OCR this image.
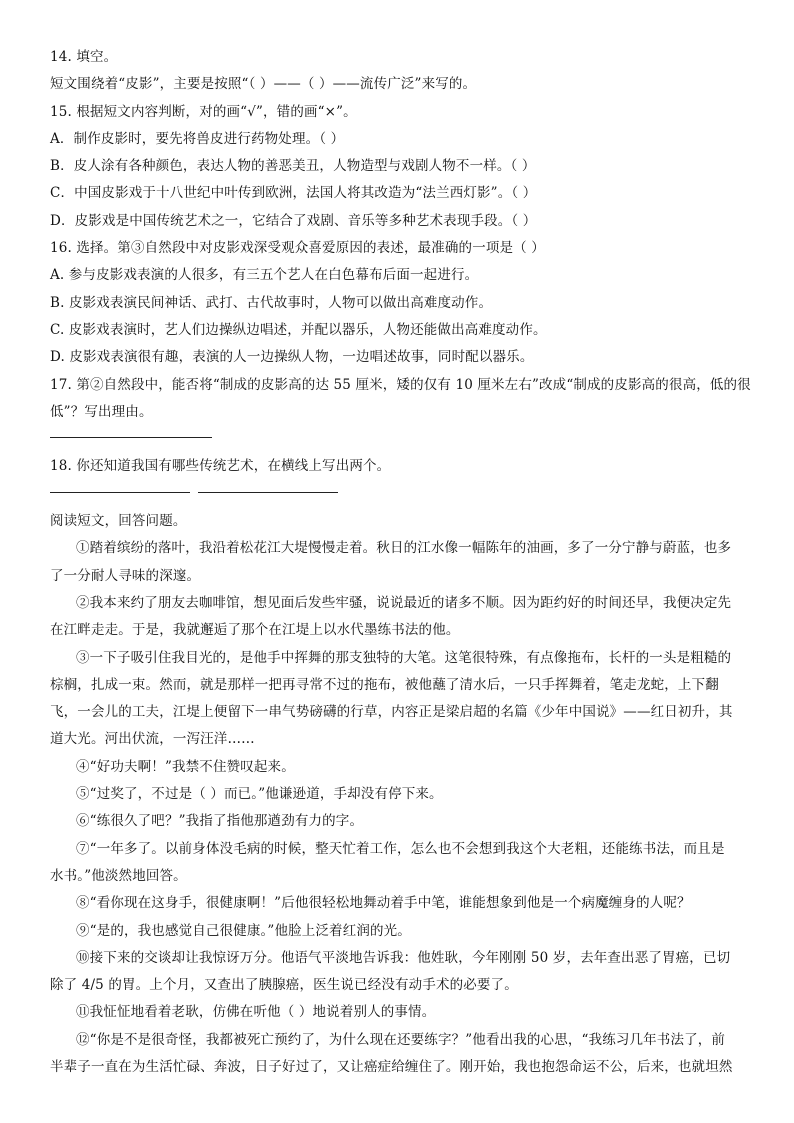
14. 填空。
短文围绕着“皮影”，主要是按照“（ ）——（ ）——流传广泛”来写的。
15. 根据短文内容判断，对的画“√”，错的画“×”。
A．制作皮影时，要先将兽皮进行药物处理。（ ）
B．皮人涂有各种颜色，表达人物的善恶美丑，人物造型与戏剧人物不一样。（ ）
C．中国皮影戏于十八世纪中叶传到欧洲，法国人将其改造为“法兰西灯影”。（ ）
D．皮影戏是中国传统艺术之一，它结合了戏剧、音乐等多种艺术表现手段。（ ）
16. 选择。第③自然段中对皮影戏深受观众喜爱原因的表述，最准确的一项是（ ）
A. 参与皮影戏表演的人很多，有三五个艺人在白色幕布后面一起进行。
B. 皮影戏表演民间神话、武打、古代故事时，人物可以做出高难度动作。
C. 皮影戏表演时，艺人们边操纵边唱述，并配以器乐，人物还能做出高难度动作。
D. 皮影戏表演很有趣，表演的人一边操纵人物，一边唱述故事，同时配以器乐。
17. 第②自然段中，能否将“制成的皮影高的达 55 厘米，矮的仅有 10 厘米左右”改成“制成的皮影高的很高，低的很
低”？写出理由。
18. 你还知道我国有哪些传统艺术，在横线上写出两个。
阅读短文，回答问题。
①踏着缤纷的落叶，我沿着松花江大堤慢慢走着。秋日的江水像一幅陈年的油画，多了一分宁静与蔚蓝，也多
了一分耐人寻味的深邃。
②我本来约了朋友去咖啡馆，想见面后发些牢骚，说说最近的诸多不顺。因为距约好的时间还早，我便决定先
在江畔走走。于是，我就邂逅了那个在江堤上以水代墨练书法的他。
③一下子吸引住我目光的，是他手中挥舞的那支独特的大笔。这笔很特殊，有点像拖布，长杆的一头是粗糙的
棕榈，扎成一束。然而，就是那样一把再寻常不过的拖布，被他蘸了清水后，一只手挥舞着，笔走龙蛇，上下翻
飞，一会儿的工夫，江堤上便留下一串气势磅礴的行草，内容正是梁启超的名篇《少年中国说》——红日初升，其
道大光。河出伏流，一泻汪洋……
④“好功夫啊！”我禁不住赞叹起来。
⑤“过奖了，不过是（ ）而已。”他谦逊道，手却没有停下来。
⑥“练很久了吧？”我指了指他那遒劲有力的字。
⑦“一年多了。以前身体没毛病的时候，整天忙着工作，怎么也不会想到我这个大老粗，还能练书法，而且是
水书。”他淡然地回答。
⑧“看你现在这身手，很健康啊！”后他很轻松地舞动着手中笔，谁能想象到他是一个病魔缠身的人呢？
⑨“是的，我也感觉自己很健康。”他脸上泛着红润的光。
⑩接下来的交谈却让我惊讶万分。他语气平淡地告诉我：他姓耿，今年刚刚 50 岁，去年查出恶了胃癌，已切
除了 4/5 的胃。上个月，又查出了胰腺癌，医生说已经没有动手术的必要了。
⑪我怔怔地看着老耿，仿佛在听他（ ）地说着别人的事情。
⑫“你是不是很奇怪，我都被死亡预约了，为什么现在还要练字？”他看出我的心思，“我练习几年书法了，前
半辈子一直在为生活忙碌、奔波，日子好过了，又让癌症给缠住了。刚开始，我也抱怨命运不公，后来，也就坦然
